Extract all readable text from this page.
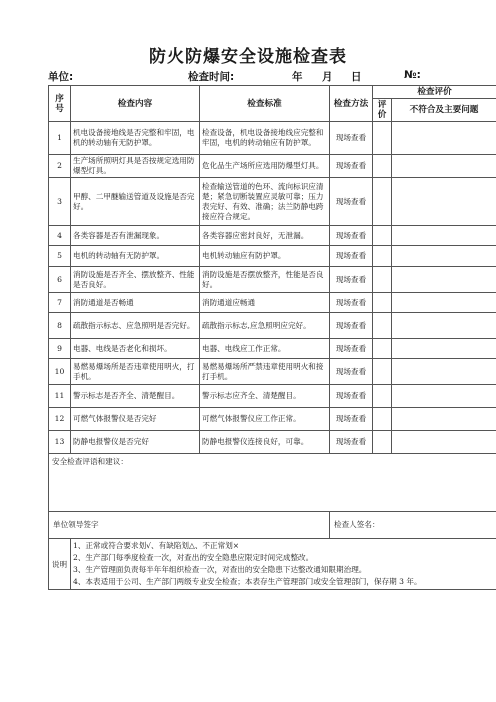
防火防爆安全设施检查表
单位:	检查时间:	年 月 日	№:
序号	检查内容	检查标准	检查方法	检查评价	
				评价	不符合及主要问题
1	机电设备接地线是否完整和牢固，电机的转动轴有无防护罩。	检查设备，机电设备接地线应完整和牢固，电机的转动轴应有防护罩。	现场查看		
2	生产场所照明灯具是否按规定选用防爆型灯具。	危化品生产场所应选用防爆型灯具。	现场查看		
3	甲醇、二甲醚输送管道及设施是否完好。	检查输送管道的色环、流向标识应清楚；紧急切断装置应灵敏可靠；压力表完好、有效、准确；法兰防静电跨接应符合规定。	现场查看		
4	各类容器是否有泄漏现象。	各类容器应密封良好，无泄漏。	现场查看		
5	电机的转动轴有无防护罩。	电机转动轴应有防护罩。	现场查看		
6	消防设施是否齐全、摆放整齐、性能是否良好。	消防设施是否摆放整齐，性能是否良好。	现场查看		
7	消防通道是否畅通	消防通道应畅通	现场查看		
8	疏散指示标志、应急照明是否完好。	疏散指示标志,应急照明应完好。	现场查看		
9	电器、电线是否老化和损坏。	电器、电线应工作正常。	现场查看		
10	易燃易爆场所是否违章使用明火，打手机。	易燃易爆场所严禁违章使用明火和接打手机。	现场查看		
11	警示标志是否齐全、清楚醒目。	警示标志应齐全、清楚醒目。	现场查看		
12	可燃气体报警仪是否完好	可燃气体报警仪应工作正常。	现场查看		
13	防静电报警仪是否完好	防静电报警仪连接良好，可靠。	现场查看		
安全检查评语和建议：					
单位领导签字			检查人签名：		
说明	1、正常或符合要求划√、有缺陷划△、不正常划×
2、生产部门每季度检查一次，对查出的安全隐患应限定时间完成整改。
3、生产管理面负责每半年年组织检查一次，对查出的安全隐患下达整改通知限期治理。
4、本表适用于公司、生产部门两级专业安全检查；本表存生产管理部门或安全管理部门，保存期 3 年。				
